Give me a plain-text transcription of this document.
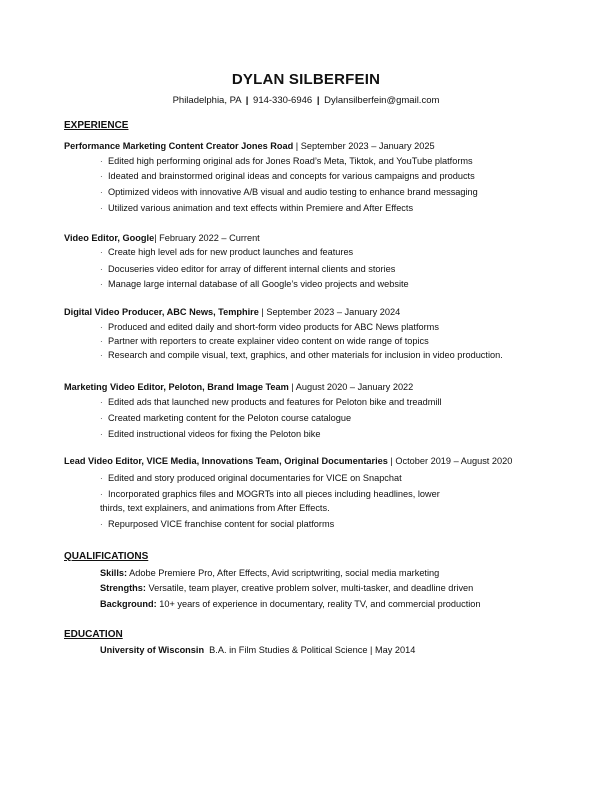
DYLAN SILBERFEIN
Philadelphia, PA | 914-330-6946 | Dylansilberfein@gmail.com
EXPERIENCE
Performance Marketing Content Creator Jones Road | September 2023 – January 2025
· Edited high performing original ads for Jones Road’s Meta, Tiktok, and YouTube platforms
· Ideated and brainstormed original ideas and concepts for various campaigns and products
· Optimized videos with innovative A/B visual and audio testing to enhance brand messaging
· Utilized various animation and text effects within Premiere and After Effects
Video Editor, Google| February 2022 – Current
· Create high level ads for new product launches and features
· Docuseries video editor for array of different internal clients and stories
· Manage large internal database of all Google’s video projects and website
Digital Video Producer, ABC News, Temphire | September 2023 – January 2024
· Produced and edited daily and short-form video products for ABC News platforms
· Partner with reporters to create explainer video content on wide range of topics
· Research and compile visual, text, graphics, and other materials for inclusion in video production.
Marketing Video Editor, Peloton, Brand Image Team | August 2020 – January 2022
· Edited ads that launched new products and features for Peloton bike and treadmill
· Created marketing content for the Peloton course catalogue
· Edited instructional videos for fixing the Peloton bike
Lead Video Editor, VICE Media, Innovations Team, Original Documentaries | October 2019 – August 2020
· Edited and story produced original documentaries for VICE on Snapchat
· Incorporated graphics files and MOGRTs into all pieces including headlines, lower
thirds, text explainers, and animations from After Effects.
· Repurposed VICE franchise content for social platforms
QUALIFICATIONS
Skills: Adobe Premiere Pro, After Effects, Avid scriptwriting, social media marketing
Strengths: Versatile, team player, creative problem solver, multi-tasker, and deadline driven
Background: 10+ years of experience in documentary, reality TV, and commercial production
EDUCATION
University of Wisconsin  B.A. in Film Studies & Political Science | May 2014
